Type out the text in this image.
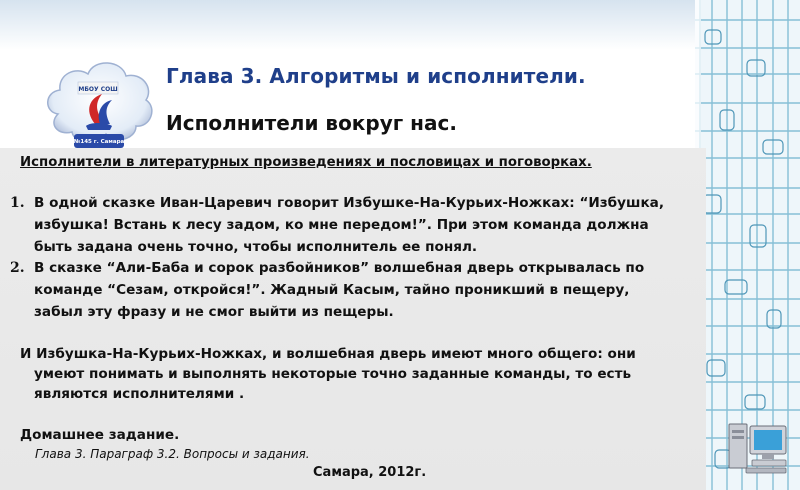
МБОУ СОШ
№145 г. Самара
Глава 3. Алгоритмы и исполнители.
Исполнители вокруг нас.
Исполнители в литературных произведениях и пословицах и поговорках.
1. В одной сказке Иван-Царевич говорит Избушке-На-Курьих-Ножках: “Избушка,
избушка! Встань к лесу задом, ко мне передом!”. При этом команда должна
быть задана очень точно, чтобы исполнитель ее понял.
2. В сказке “Али-Баба и сорок разбойников” волшебная дверь открывалась по
команде “Сезам, откройся!”. Жадный Касым, тайно проникший в пещеру,
забыл эту фразу и не смог выйти из пещеры.
И Избушка-На-Курьих-Ножках, и волшебная дверь имеют много общего: они
умеют понимать и выполнять некоторые точно заданные команды, то есть
являются исполнителями .
Домашнее задание.
Глава 3. Параграф 3.2. Вопросы и задания.
Самара, 2012г.
